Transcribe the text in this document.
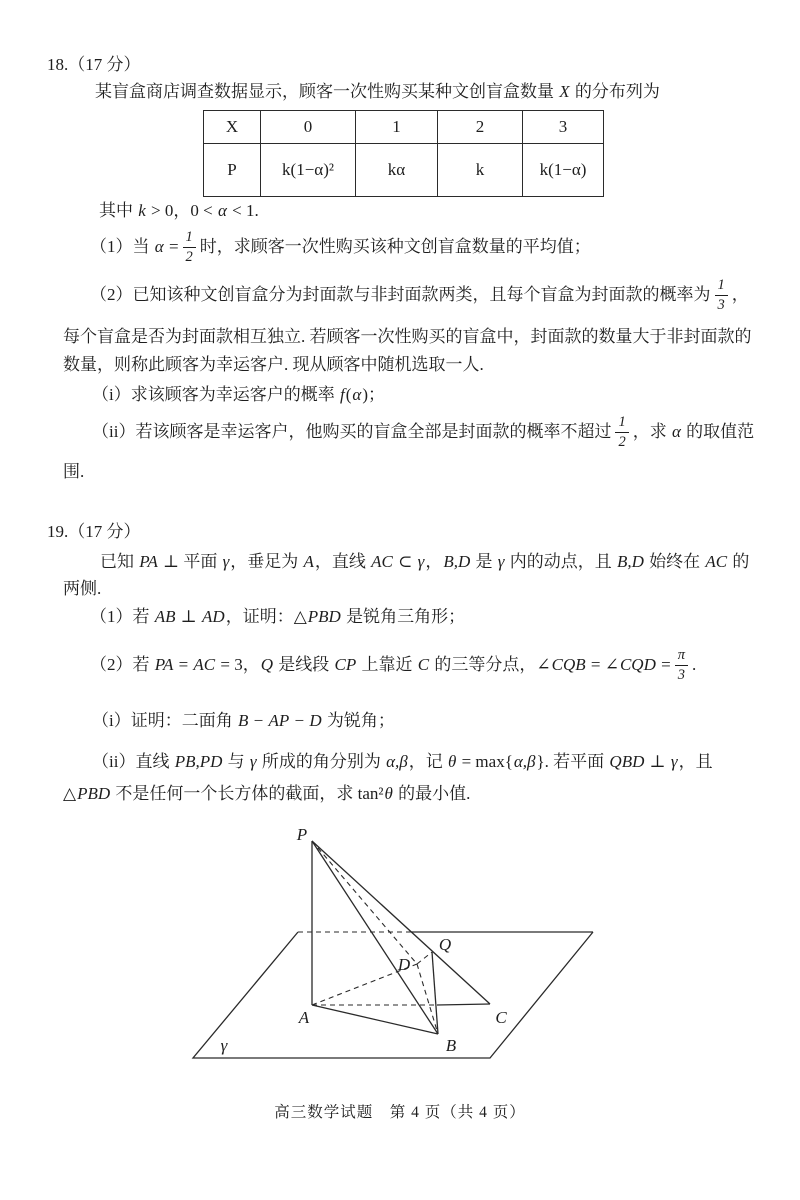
18.（17 分）
某盲盒商店调查数据显示，顾客一次性购买某种文创盲盒数量 X 的分布列为
X	0	1	2	3
P	k(1−α)²	kα	k	k(1−α)
其中 k > 0，0 < α < 1.
（1）当 $\alpha = \frac{1}{2}$ 时，求顾客一次性购买该种文创盲盒数量的平均值；
（2）已知该种文创盲盒分为封面款与非封面款两类，且每个盲盒为封面款的概率为 $\frac{1}{3}$ ，
每个盲盒是否为封面款相互独立. 若顾客一次性购买的盲盒中，封面款的数量大于非封面款的
数量，则称此顾客为幸运客户. 现从顾客中随机选取一人.
（i）求该顾客为幸运客户的概率 f ( α )；
（ii）若该顾客是幸运客户，他购买的盲盒全部是封面款的概率不超过 $\frac{1}{2}$ ，求 α 的取值范
围.
19.（17 分）
已知 PA ⊥ 平面 γ ，垂足为 A ，直线 AC ⊂ γ ， B,D 是 γ 内的动点，且 B,D 始终在 AC 的
两侧.
（1）若 AB ⊥ AD ，证明：△ PBD 是锐角三角形；
（2）若 PA = AC = 3， Q 是线段 CP 上靠近 C 的三等分点，∠ CQB = ∠ CQD = $\frac{\pi}{3}$ .
（i）证明：二面角 B − AP − D 为锐角；
（ii）直线 PB,PD 与 γ 所成的角分别为 α,β ，记 θ = max{ α,β }. 若平面 QBD ⊥ γ ，且
△ PBD 不是任何一个长方体的截面，求 tan² θ 的最小值.
P
A
B
C
D
Q
γ
高三数学试题　第 4 页（共 4 页）
